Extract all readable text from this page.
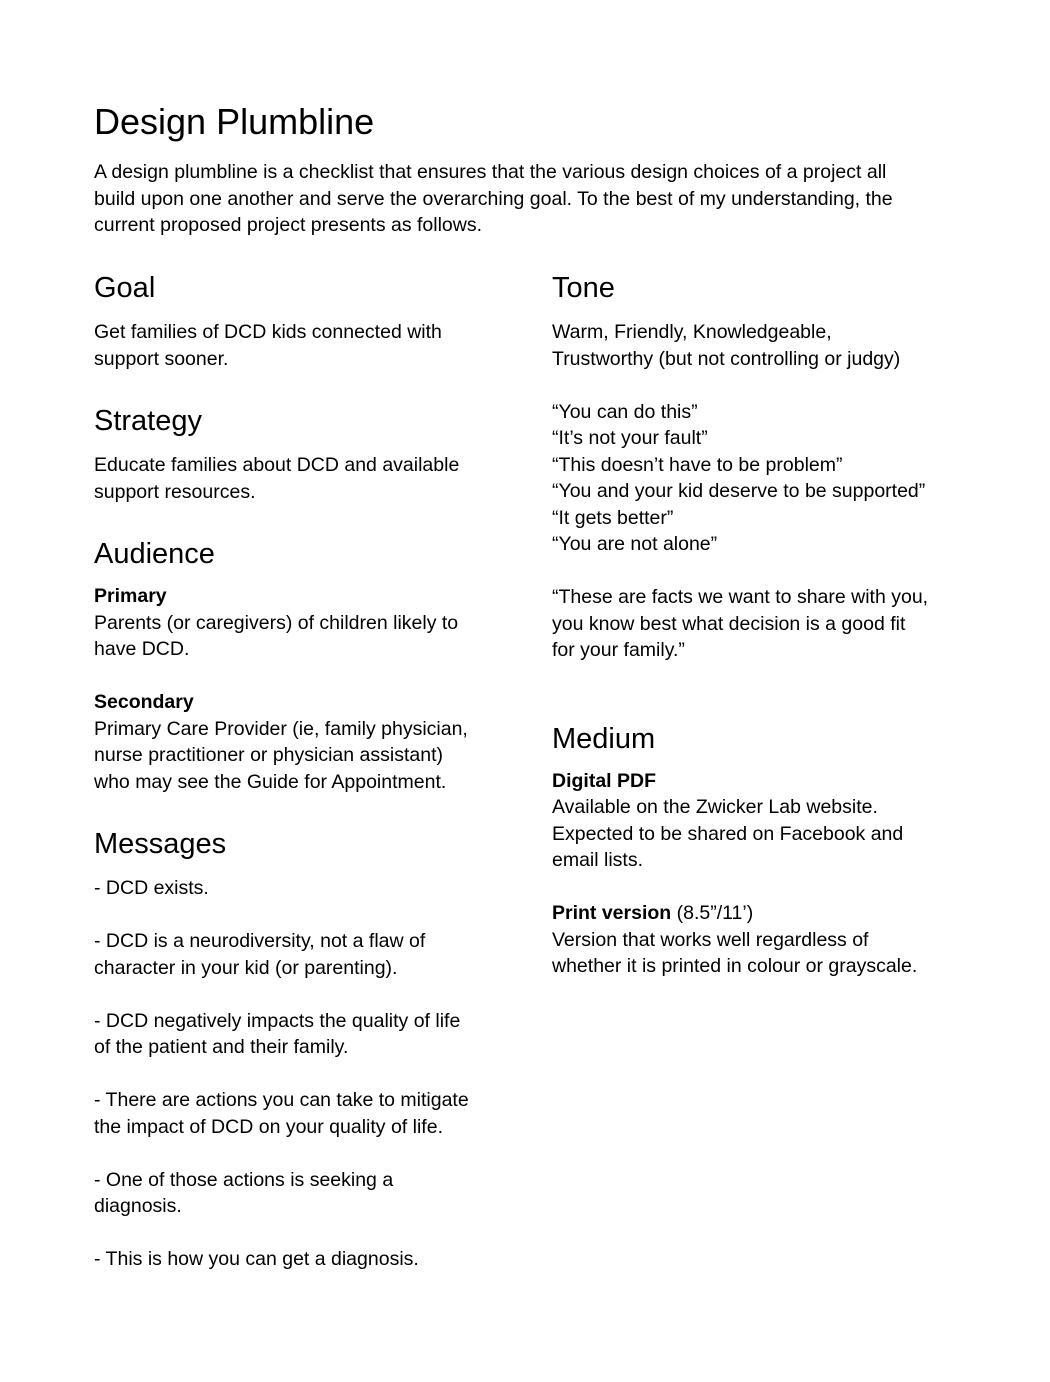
Design Plumbline

A design plumbline is a checklist that ensures that the various design choices of a project all
build upon one another and serve the overarching goal. To the best of my understanding, the
current proposed project presents as follows.

Goal
Get families of DCD kids connected with
support sooner.
Strategy
Educate families about DCD and available
support resources.
Audience
Primary
Parents (or caregivers) of children likely to
have DCD.
Secondary
Primary Care Provider (ie, family physician,
nurse practitioner or physician assistant)
who may see the Guide for Appointment.
Messages
- DCD exists.
- DCD is a neurodiversity, not a flaw of
character in your kid (or parenting).
- DCD negatively impacts the quality of life
of the patient and their family.
- There are actions you can take to mitigate
the impact of DCD on your quality of life.
- One of those actions is seeking a
diagnosis.
- This is how you can get a diagnosis.
Tone
Warm, Friendly, Knowledgeable,
Trustworthy (but not controlling or judgy)
“You can do this”
“It’s not your fault”
“This doesn’t have to be problem”
“You and your kid deserve to be supported”
“It gets better”
“You are not alone”
“These are facts we want to share with you,
you know best what decision is a good fit
for your family.”
Medium
Digital PDF
Available on the Zwicker Lab website.
Expected to be shared on Facebook and
email lists.
Print version (8.5”/11’)
Version that works well regardless of
whether it is printed in colour or grayscale.
